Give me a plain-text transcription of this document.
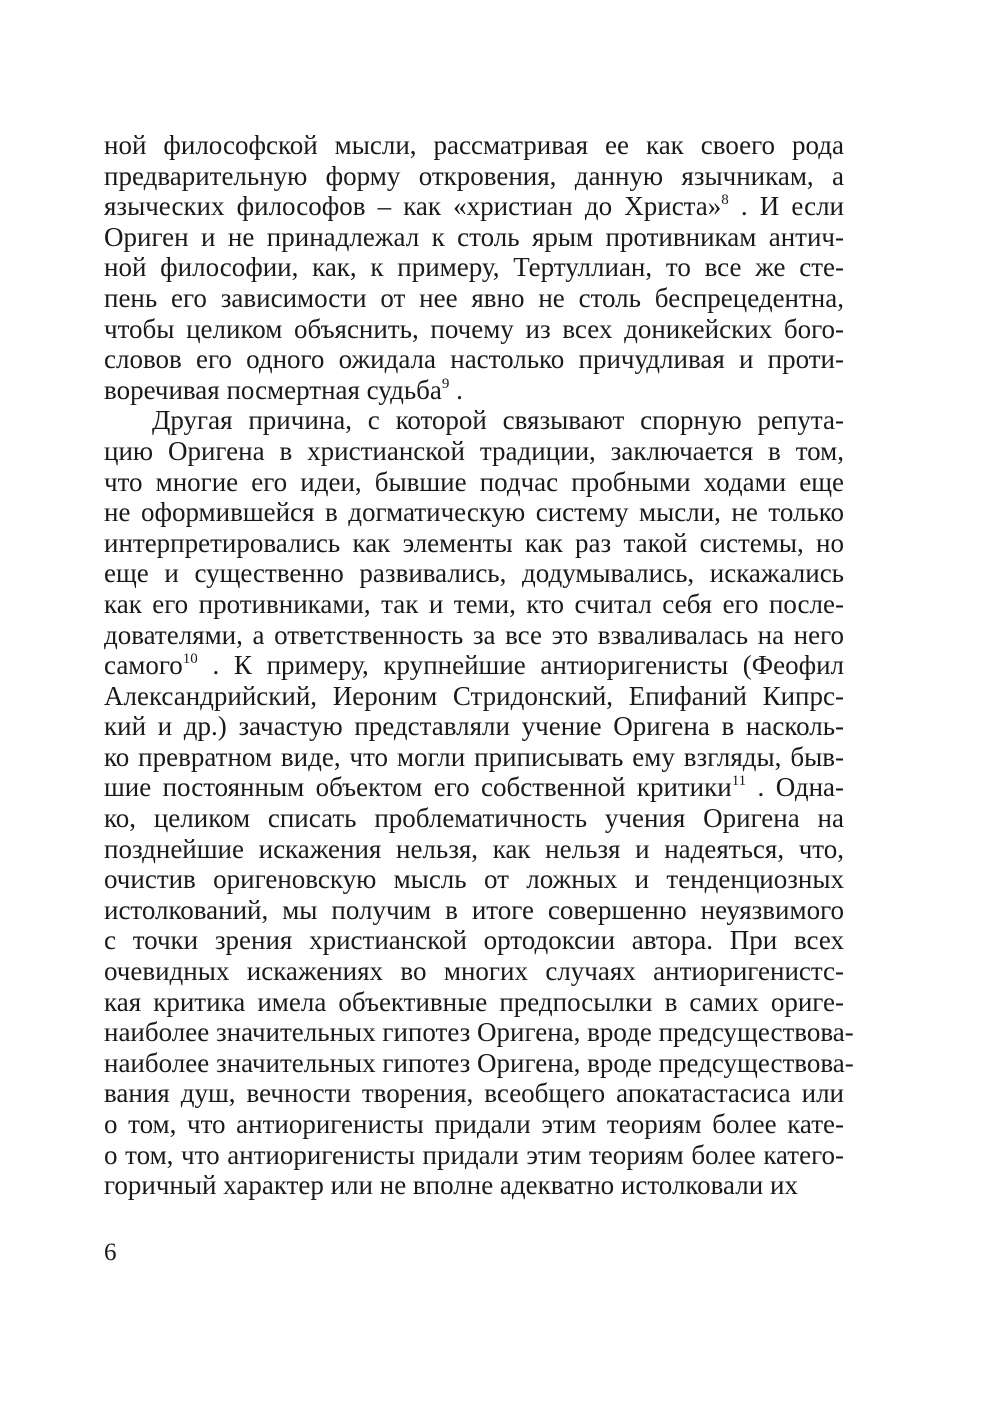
ной философской мысли, рассматривая ее как своего рода
предварительную форму откровения, данную язычникам, а
языческих философов – как «христиан до Христа»$^8$ . И если
Ориген и не принадлежал к столь ярым противникам антич-
ной философии, как, к примеру, Тертуллиан, то все же сте-
пень его зависимости от нее явно не столь беспрецедентна,
чтобы целиком объяснить, почему из всех доникейских бого-
словов его одного ожидала настолько причудливая и проти-
воречивая посмертная судьба$^9$ .
Другая причина, с которой связывают спорную репута-
цию Оригена в христианской традиции, заключается в том,
что многие его идеи, бывшие подчас пробными ходами еще
не оформившейся в догматическую систему мысли, не только
интерпретировались как элементы как раз такой системы, но
еще и существенно развивались, додумывались, искажались
как его противниками, так и теми, кто считал себя его после-
дователями, а ответственность за все это взваливалась на него
самого$^{10}$ . К примеру, крупнейшие антиоригенисты (Феофил
Александрийский, Иероним Стридонский, Епифаний Кипрс-
кий и др.) зачастую представляли учение Оригена в насколь-
ко превратном виде, что могли приписывать ему взгляды, быв-
шие постоянным объектом его собственной критики$^{11}$ . Одна-
ко, целиком списать проблематичность учения Оригена на
позднейшие искажения нельзя, как нельзя и надеяться, что,
очистив оригеновскую мысль от ложных и тенденциозных
истолкований, мы получим в итоге совершенно неуязвимого
с точки зрения христианской ортодоксии автора. При всех
очевидных искажениях во многих случаях антиоригенистс-
кая критика имела объективные предпосылки в самих ориге-
наиболее значительных гипотез Оригена, вроде предсуществова-
наиболее значительных гипотез Оригена, вроде предсуществова-
вания душ, вечности творения, всеобщего апокатастасиса или
о том, что антиоригенисты придали этим теориям более кате-
о том, что антиоригенисты придали этим теориям более катего-
горичный характер или не вполне адекватно истолковали их
6
